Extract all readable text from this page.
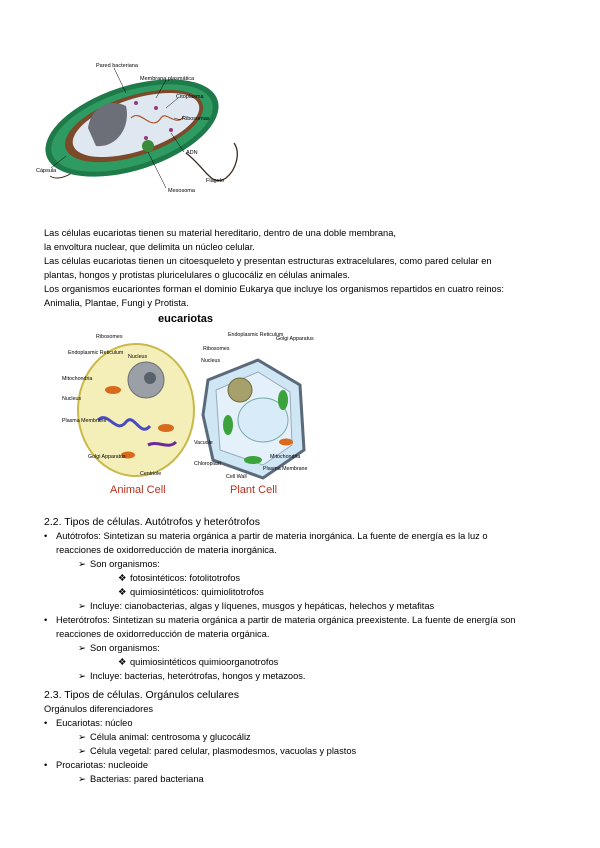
Pared bacteriana
Membrana plasmática
Citoplasma
Ribosomas
ADN
Cápsula
Mesosoma
Flagelo

Las células eucariotas tienen su material hereditario, dentro de una doble membrana,

la envoltura nuclear, que delimita un núcleo celular.

Las células eucariotas tienen un citoesqueleto y presentan estructuras extracelulares, como pared celular en

plantas, hongos y protistas pluricelulares o glucocáliz en células animales.

Los organismos eucariontes forman el dominio Eukarya que incluye los organismos repartidos en cuatro reinos:

Animalia, Plantae, Fungi y Protista.

eucariotas
Ribosomes
Endoplasmic Reticulum
Nucleus
Mitochondria
Nucleus
Plasma Membrane
Golgi Apparatus
Centriole
Endoplasmic Reticulum
Golgi Apparatus
Ribosomes
Nucleus
Vacuole
Chloroplast
Cell Wall
Plasma Membrane
Mitochondria
Animal Cell	Plant Cell

2.2. Tipos de células. Autótrofos y heterótrofos

• Autótrofos: Sintetizan su materia orgánica a partir de materia inorgánica. La fuente de energía es la luz o

reacciones de oxidorreducción de materia inorgánica.

➢ Son organismos:

❖ fotosintéticos: fotolitotrofos

❖ quimiosintéticos: quimiolitotrofos

➢ Incluye: cianobacterias, algas y líquenes, musgos y hepáticas, helechos y metafitas

• Heterótrofos: Sintetizan su materia orgánica a partir de materia orgánica preexistente. La fuente de energía son

reacciones de oxidorreducción de materia orgánica.

➢ Son organismos:

❖ quimiosintéticos quimioorganotrofos

➢ Incluye: bacterias, heterótrofas, hongos y metazoos.

2.3. Tipos de células. Orgánulos celulares

Orgánulos diferenciadores

• Eucariotas: núcleo

➢ Célula animal: centrosoma y glucocáliz

➢ Célula vegetal: pared celular, plasmodesmos, vacuolas y plastos

• Procariotas: nucleoide

➢ Bacterias: pared bacteriana
